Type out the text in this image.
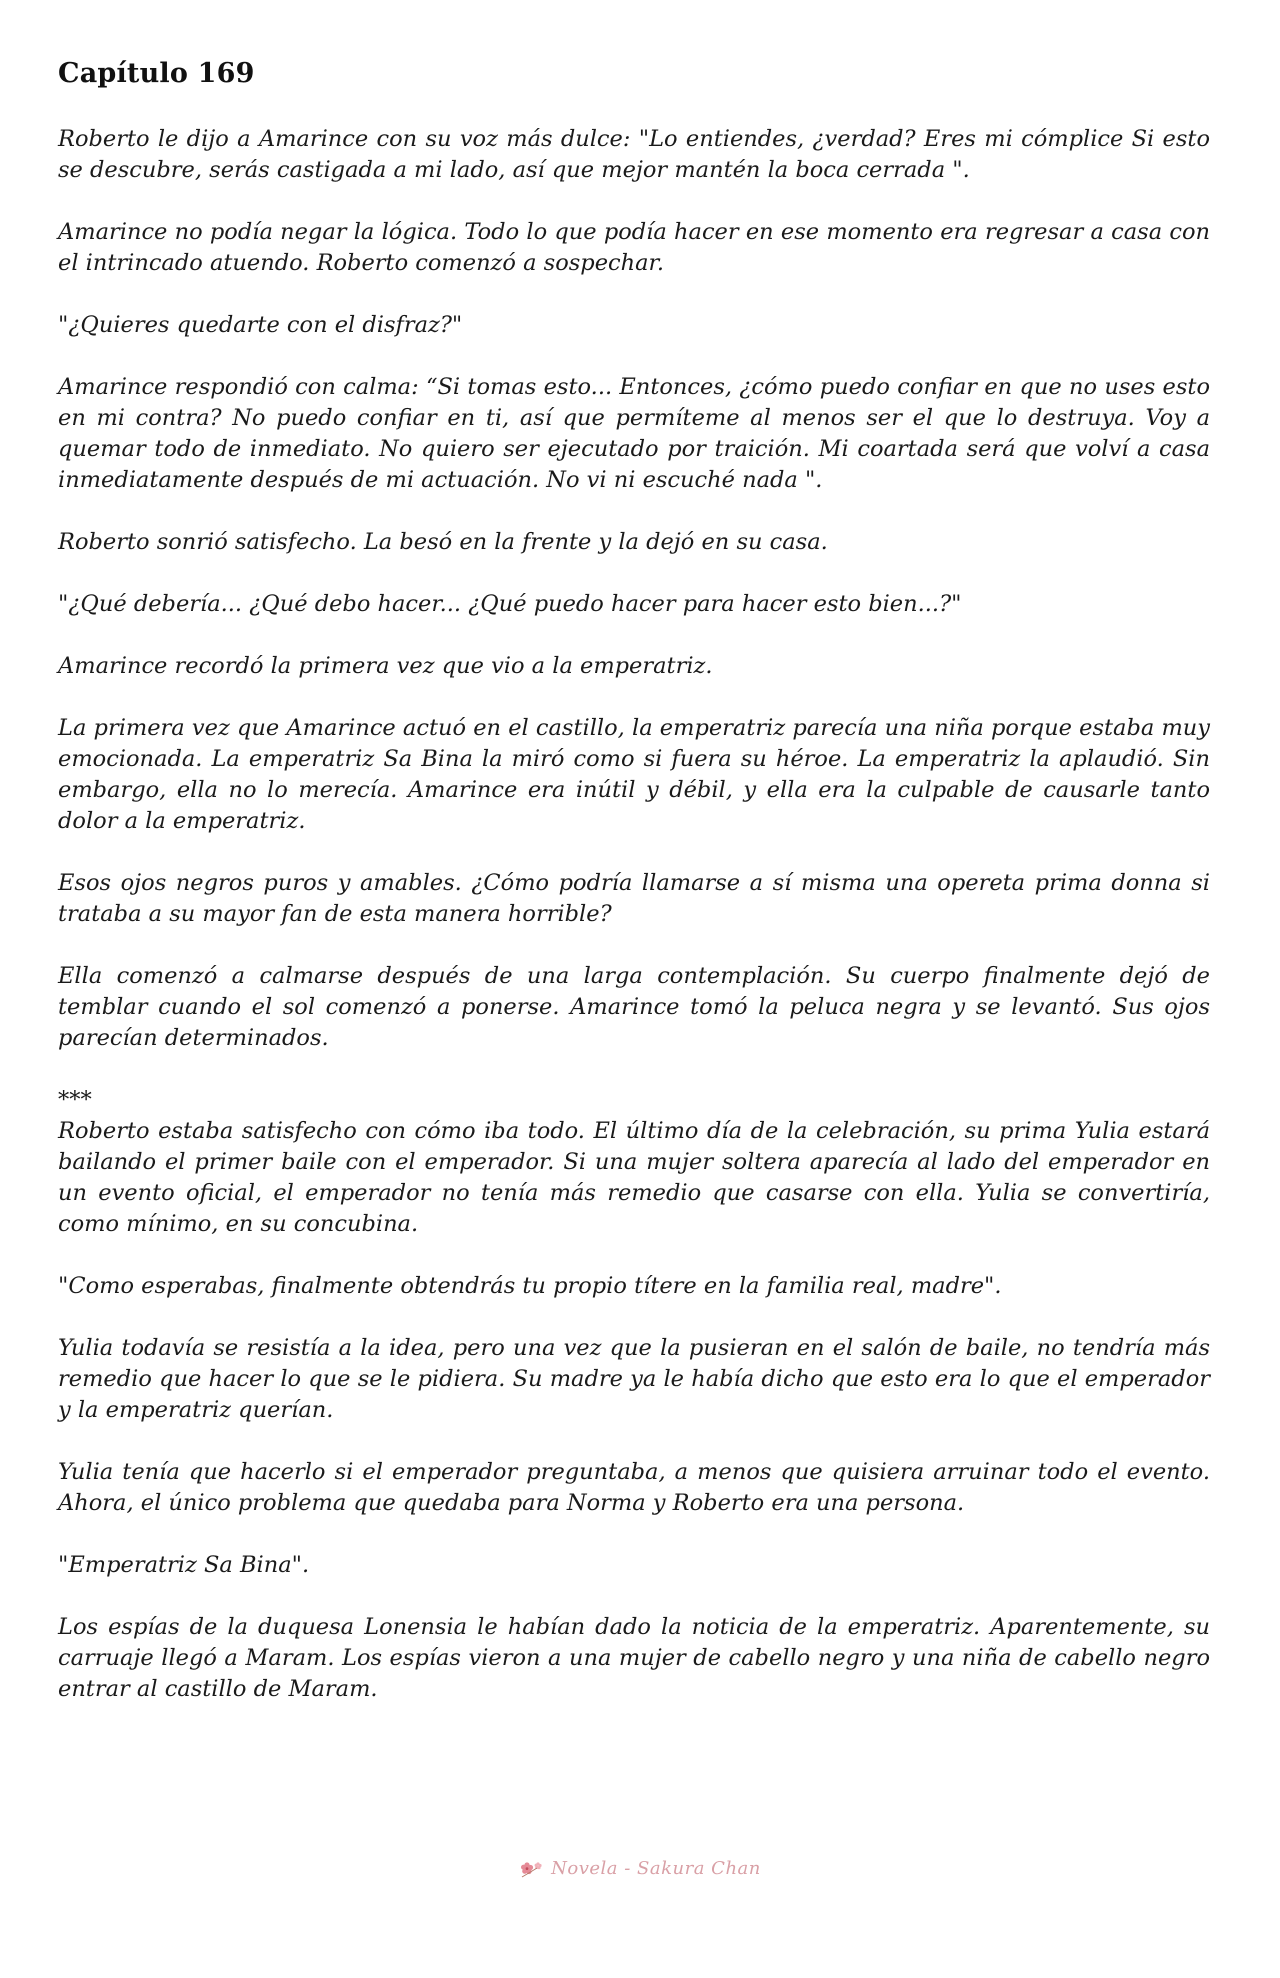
Capítulo 169

Roberto le dijo a Amarince con su voz más dulce: "Lo entiendes, ¿verdad? Eres mi cómplice Si esto se descubre, serás castigada a mi lado, así que mejor mantén la boca cerrada ".

Amarince no podía negar la lógica. Todo lo que podía hacer en ese momento era regresar a casa con el intrincado atuendo. Roberto comenzó a sospechar.

"¿Quieres quedarte con el disfraz?"

Amarince respondió con calma: “Si tomas esto... Entonces, ¿cómo puedo confiar en que no uses esto en mi contra? No puedo confiar en ti, así que permíteme al menos ser el que lo destruya. Voy a quemar todo de inmediato. No quiero ser ejecutado por traición. Mi coartada será que volví a casa inmediatamente después de mi actuación. No vi ni escuché nada ".

Roberto sonrió satisfecho. La besó en la frente y la dejó en su casa.

"¿Qué debería... ¿Qué debo hacer... ¿Qué puedo hacer para hacer esto bien...?"

Amarince recordó la primera vez que vio a la emperatriz.

La primera vez que Amarince actuó en el castillo, la emperatriz parecía una niña porque estaba muy emocionada. La emperatriz Sa Bina la miró como si fuera su héroe. La emperatriz la aplaudió. Sin embargo, ella no lo merecía. Amarince era inútil y débil, y ella era la culpable de causarle tanto dolor a la emperatriz.

Esos ojos negros puros y amables. ¿Cómo podría llamarse a sí misma una opereta prima donna si trataba a su mayor fan de esta manera horrible?

Ella comenzó a calmarse después de una larga contemplación. Su cuerpo finalmente dejó de temblar cuando el sol comenzó a ponerse. Amarince tomó la peluca negra y se levantó. Sus ojos parecían determinados.

***

Roberto estaba satisfecho con cómo iba todo. El último día de la celebración, su prima Yulia estará bailando el primer baile con el emperador. Si una mujer soltera aparecía al lado del emperador en un evento oficial, el emperador no tenía más remedio que casarse con ella. Yulia se convertiría, como mínimo, en su concubina.

"Como esperabas, finalmente obtendrás tu propio títere en la familia real, madre".

Yulia todavía se resistía a la idea, pero una vez que la pusieran en el salón de baile, no tendría más remedio que hacer lo que se le pidiera. Su madre ya le había dicho que esto era lo que el emperador y la emperatriz querían.

Yulia tenía que hacerlo si el emperador preguntaba, a menos que quisiera arruinar todo el evento. Ahora, el único problema que quedaba para Norma y Roberto era una persona.

"Emperatriz Sa Bina".

Los espías de la duquesa Lonensia le habían dado la noticia de la emperatriz. Aparentemente, su carruaje llegó a Maram. Los espías vieron a una mujer de cabello negro y una niña de cabello negro entrar al castillo de Maram.

Novela - Sakura Chan
